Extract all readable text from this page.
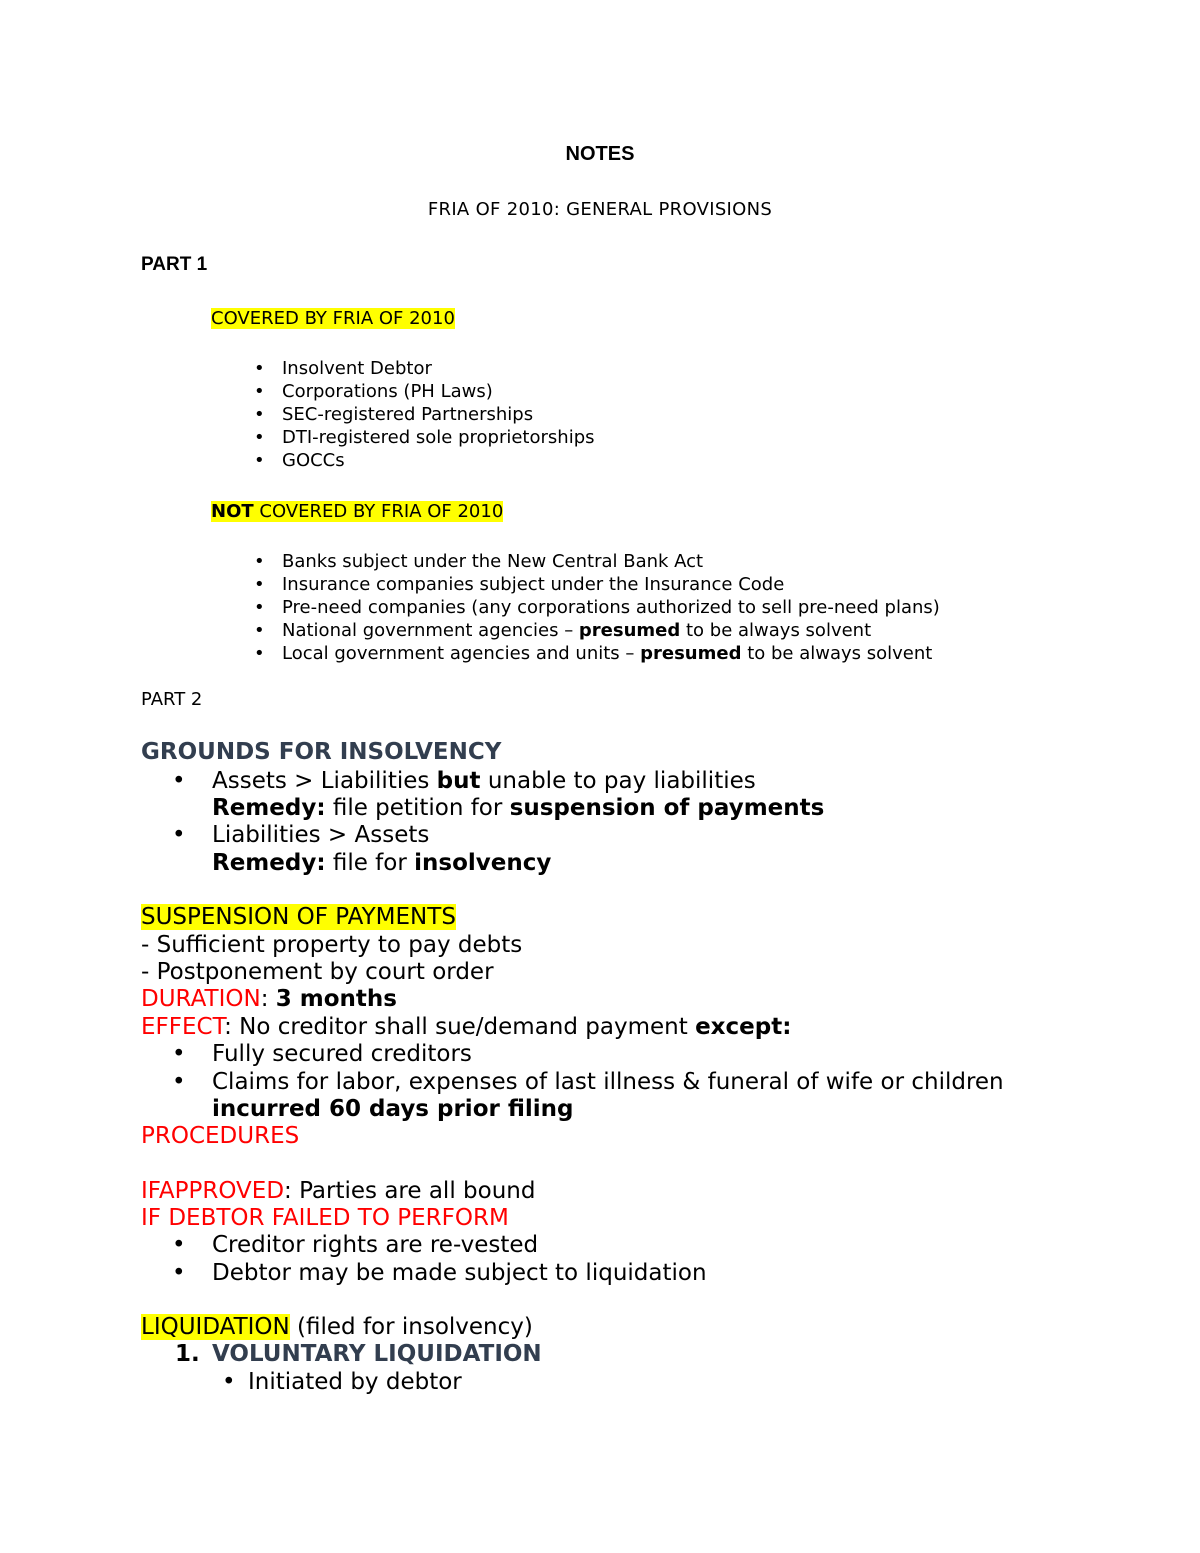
NOTES
FRIA OF 2010: GENERAL PROVISIONS
PART 1
COVERED BY FRIA OF 2010
• Insolvent Debtor
• Corporations (PH Laws)
• SEC-registered Partnerships
• DTI-registered sole proprietorships
• GOCCs
NOT COVERED BY FRIA OF 2010
• Banks subject under the New Central Bank Act
• Insurance companies subject under the Insurance Code
• Pre-need companies (any corporations authorized to sell pre-need plans)
• National government agencies – presumed to be always solvent
• Local government agencies and units – presumed to be always solvent
PART 2
GROUNDS FOR INSOLVENCY
• Assets > Liabilities but unable to pay liabilities
Remedy: file petition for suspension of payments
• Liabilities > Assets
Remedy: file for insolvency
SUSPENSION OF PAYMENTS
- Sufficient property to pay debts
- Postponement by court order
DURATION: 3 months
EFFECT: No creditor shall sue/demand payment except:
• Fully secured creditors
• Claims for labor, expenses of last illness & funeral of wife or children
incurred 60 days prior filing
PROCEDURES
IFAPPROVED: Parties are all bound
IF DEBTOR FAILED TO PERFORM
• Creditor rights are re-vested
• Debtor may be made subject to liquidation
LIQUIDATION (filed for insolvency)
1. VOLUNTARY LIQUIDATION
• Initiated by debtor
